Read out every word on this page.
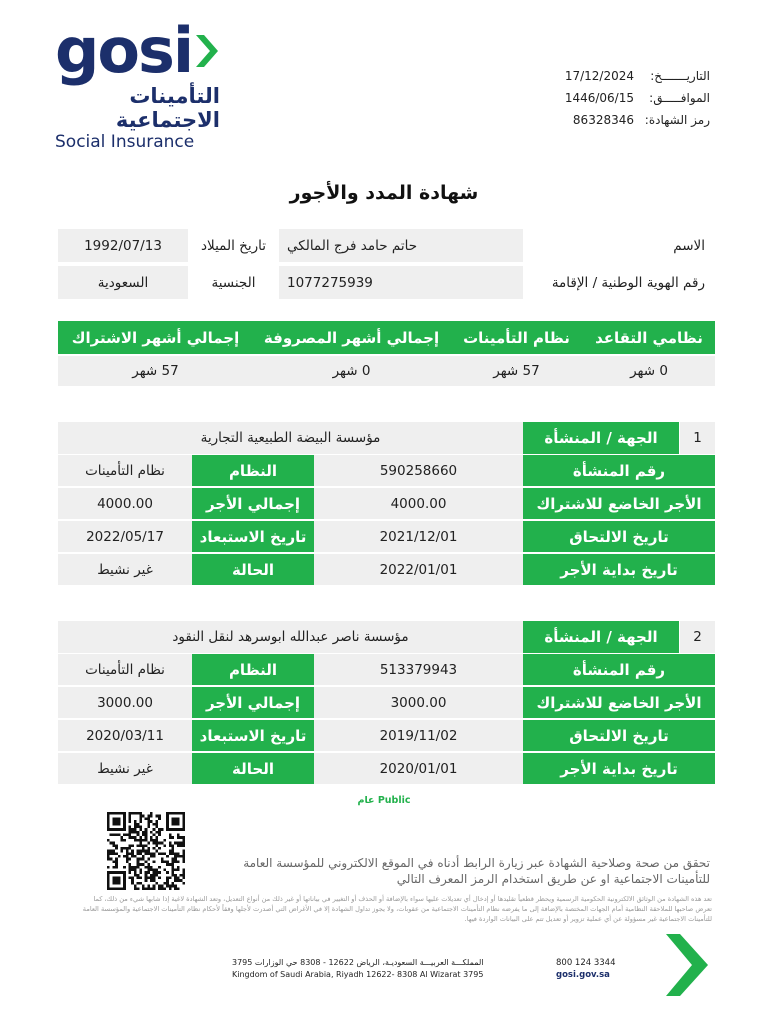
gosi
التأمينات الاجتماعية
Social Insurance
التاريـــــــخ:
17/12/2024
الموافـــــق:
1446/06/15
رمز الشهادة:
86328346
شهادة المدد والأجور
الاسم
حاتم حامد فرج المالكي
تاريخ الميلاد
1992/07/13
رقم الهوية الوطنية / الإقامة
1077275939
الجنسية
السعودية
نظامي التقاعد
نظام التأمينات
إجمالي أشهر المصروفة
إجمالي أشهر الاشتراك
0 شهر
57 شهر
0 شهر
57 شهر
1
الجهة / المنشأة
مؤسسة البيضة الطبيعية التجارية
رقم المنشأة
590258660
النظام
نظام التأمينات
الأجر الخاضع للاشتراك
4000.00
إجمالي الأجر
4000.00
تاريخ الالتحاق
2021/12/01
تاريخ الاستبعاد
2022/05/17
تاريخ بداية الأجر
2022/01/01
الحالة
غير نشيط
2
الجهة / المنشأة
مؤسسة ناصر عبدالله ابوسرهد لنقل النقود
رقم المنشأة
513379943
النظام
نظام التأمينات
الأجر الخاضع للاشتراك
3000.00
إجمالي الأجر
3000.00
تاريخ الالتحاق
2019/11/02
تاريخ الاستبعاد
2020/03/11
تاريخ بداية الأجر
2020/01/01
الحالة
غير نشيط
عام Public
تحقق من صحة وصلاحية الشهادة عبر زيارة الرابط أدناه في الموقع الالكتروني للمؤسسة العامة للتأمينات الاجتماعية او عن طريق استخدام الرمز المعرف التالي
تعد هذه الشهادة من الوثائق الالكترونية الحكومية الرسمية ويحظر قطعياً تقليدها أو إدخال أي تعديلات عليها سواء بالإضافة أو الحذف أو التغيير في بياناتها أو غير ذلك من أنواع التعديل، وتعد الشهادة لاغية إذا شابها شيء من ذلك، كما تعرض صاحبها للملاحقة النظامية أمام الجهات المختصة بالإضافة إلى ما يفرضه نظام التأمينات الاجتماعية من عقوبات، ولا يجوز تداول الشهادة إلا في الأغراض التي أصدرت لأجلها وفقاً لأحكام نظام التأمينات الاجتماعية والمؤسسة العامة للتأمينات الاجتماعية غير مسؤولة عن أي عملية تزوير أو تعديل تتم على البيانات الواردة فيها.
المملكـــة العربيـــة السعوديـة، الرياض 12622 - 8308 حي الوزارات 3795
Kingdom of Saudi Arabia, Riyadh 12622- 8308 Al Wizarat 3795
800 124 3344
gosi.gov.sa
